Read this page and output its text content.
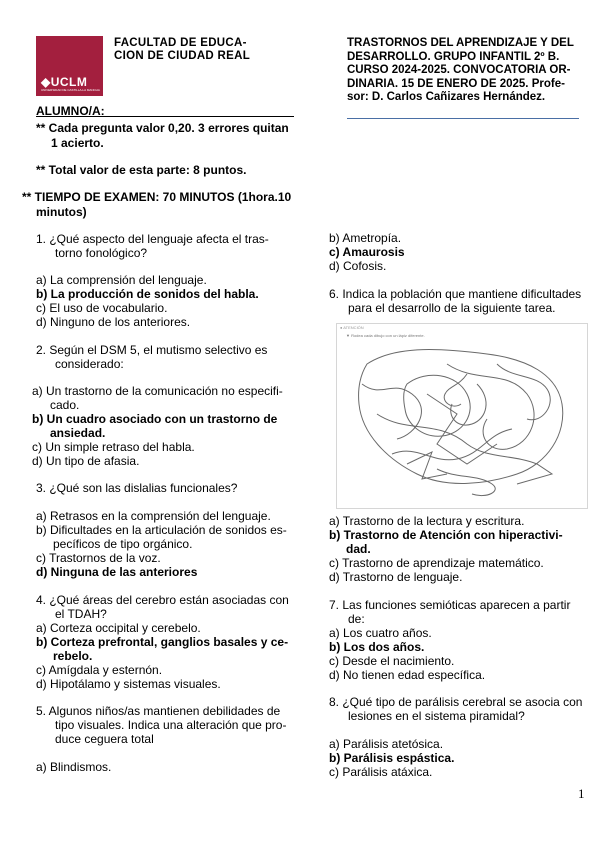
◆UCLM
UNIVERSIDAD DE CASTILLA-LA MANCHA
FACULTAD DE EDUCA-
CION DE CIUDAD REAL
TRASTORNOS DEL APRENDIZAJE Y DEL
DESARROLLO. GRUPO INFANTIL 2º B.
CURSO 2024-2025. CONVOCATORIA OR-
DINARIA. 15 DE ENERO DE 2025. Profe-
sor: D. Carlos Cañizares Hernández.
ALUMNO/A:
** Cada pregunta valor 0,20. 3 errores quitan
1 acierto.
** Total valor de esta parte: 8 puntos.
** TIEMPO DE EXAMEN: 70 MINUTOS (1hora.10
minutos)
1. ¿Qué aspecto del lenguaje afecta el tras-
torno fonológico?
a) La comprensión del lenguaje.
b) La producción de sonidos del habla.
c) El uso de vocabulario.
d) Ninguno de los anteriores.
2. Según el DSM 5, el mutismo selectivo es
considerado:
a) Un trastorno de la comunicación no especifi-
cado.
b) Un cuadro asociado con un trastorno de
ansiedad.
c) Un simple retraso del habla.
d) Un tipo de afasia.
3. ¿Qué son las dislalias funcionales?
a) Retrasos en la comprensión del lenguaje.
b) Dificultades en la articulación de sonidos es-
pecíficos de tipo orgánico.
c) Trastornos de la voz.
d) Ninguna de las anteriores
4. ¿Qué áreas del cerebro están asociadas con
el TDAH?
a) Corteza occipital y cerebelo.
b) Corteza prefrontal, ganglios basales y ce-
rebelo.
c) Amígdala y esternón.
d) Hipotálamo y sistemas visuales.
5. Algunos niños/as mantienen debilidades de
tipo visuales. Indica una alteración que pro-
duce ceguera total
a) Blindismos.
b) Ametropía.
c) Amaurosis
d) Cofosis.
6. Indica la población que mantiene dificultades
para el desarrollo de la siguiente tarea.
● ATENCIÓN
▼ Rodea cada dibujo con un lápiz diferente.
a) Trastorno de la lectura y escritura.
b) Trastorno de Atención con hiperactivi-
dad.
c) Trastorno de aprendizaje matemático.
d) Trastorno de lenguaje.
7. Las funciones semióticas aparecen a partir
de:
a) Los cuatro años.
b) Los dos años.
c) Desde el nacimiento.
d) No tienen edad específica.
8. ¿Qué tipo de parálisis cerebral se asocia con
lesiones en el sistema piramidal?
a) Parálisis atetósica.
b) Parálisis espástica.
c) Parálisis atáxica.
1
